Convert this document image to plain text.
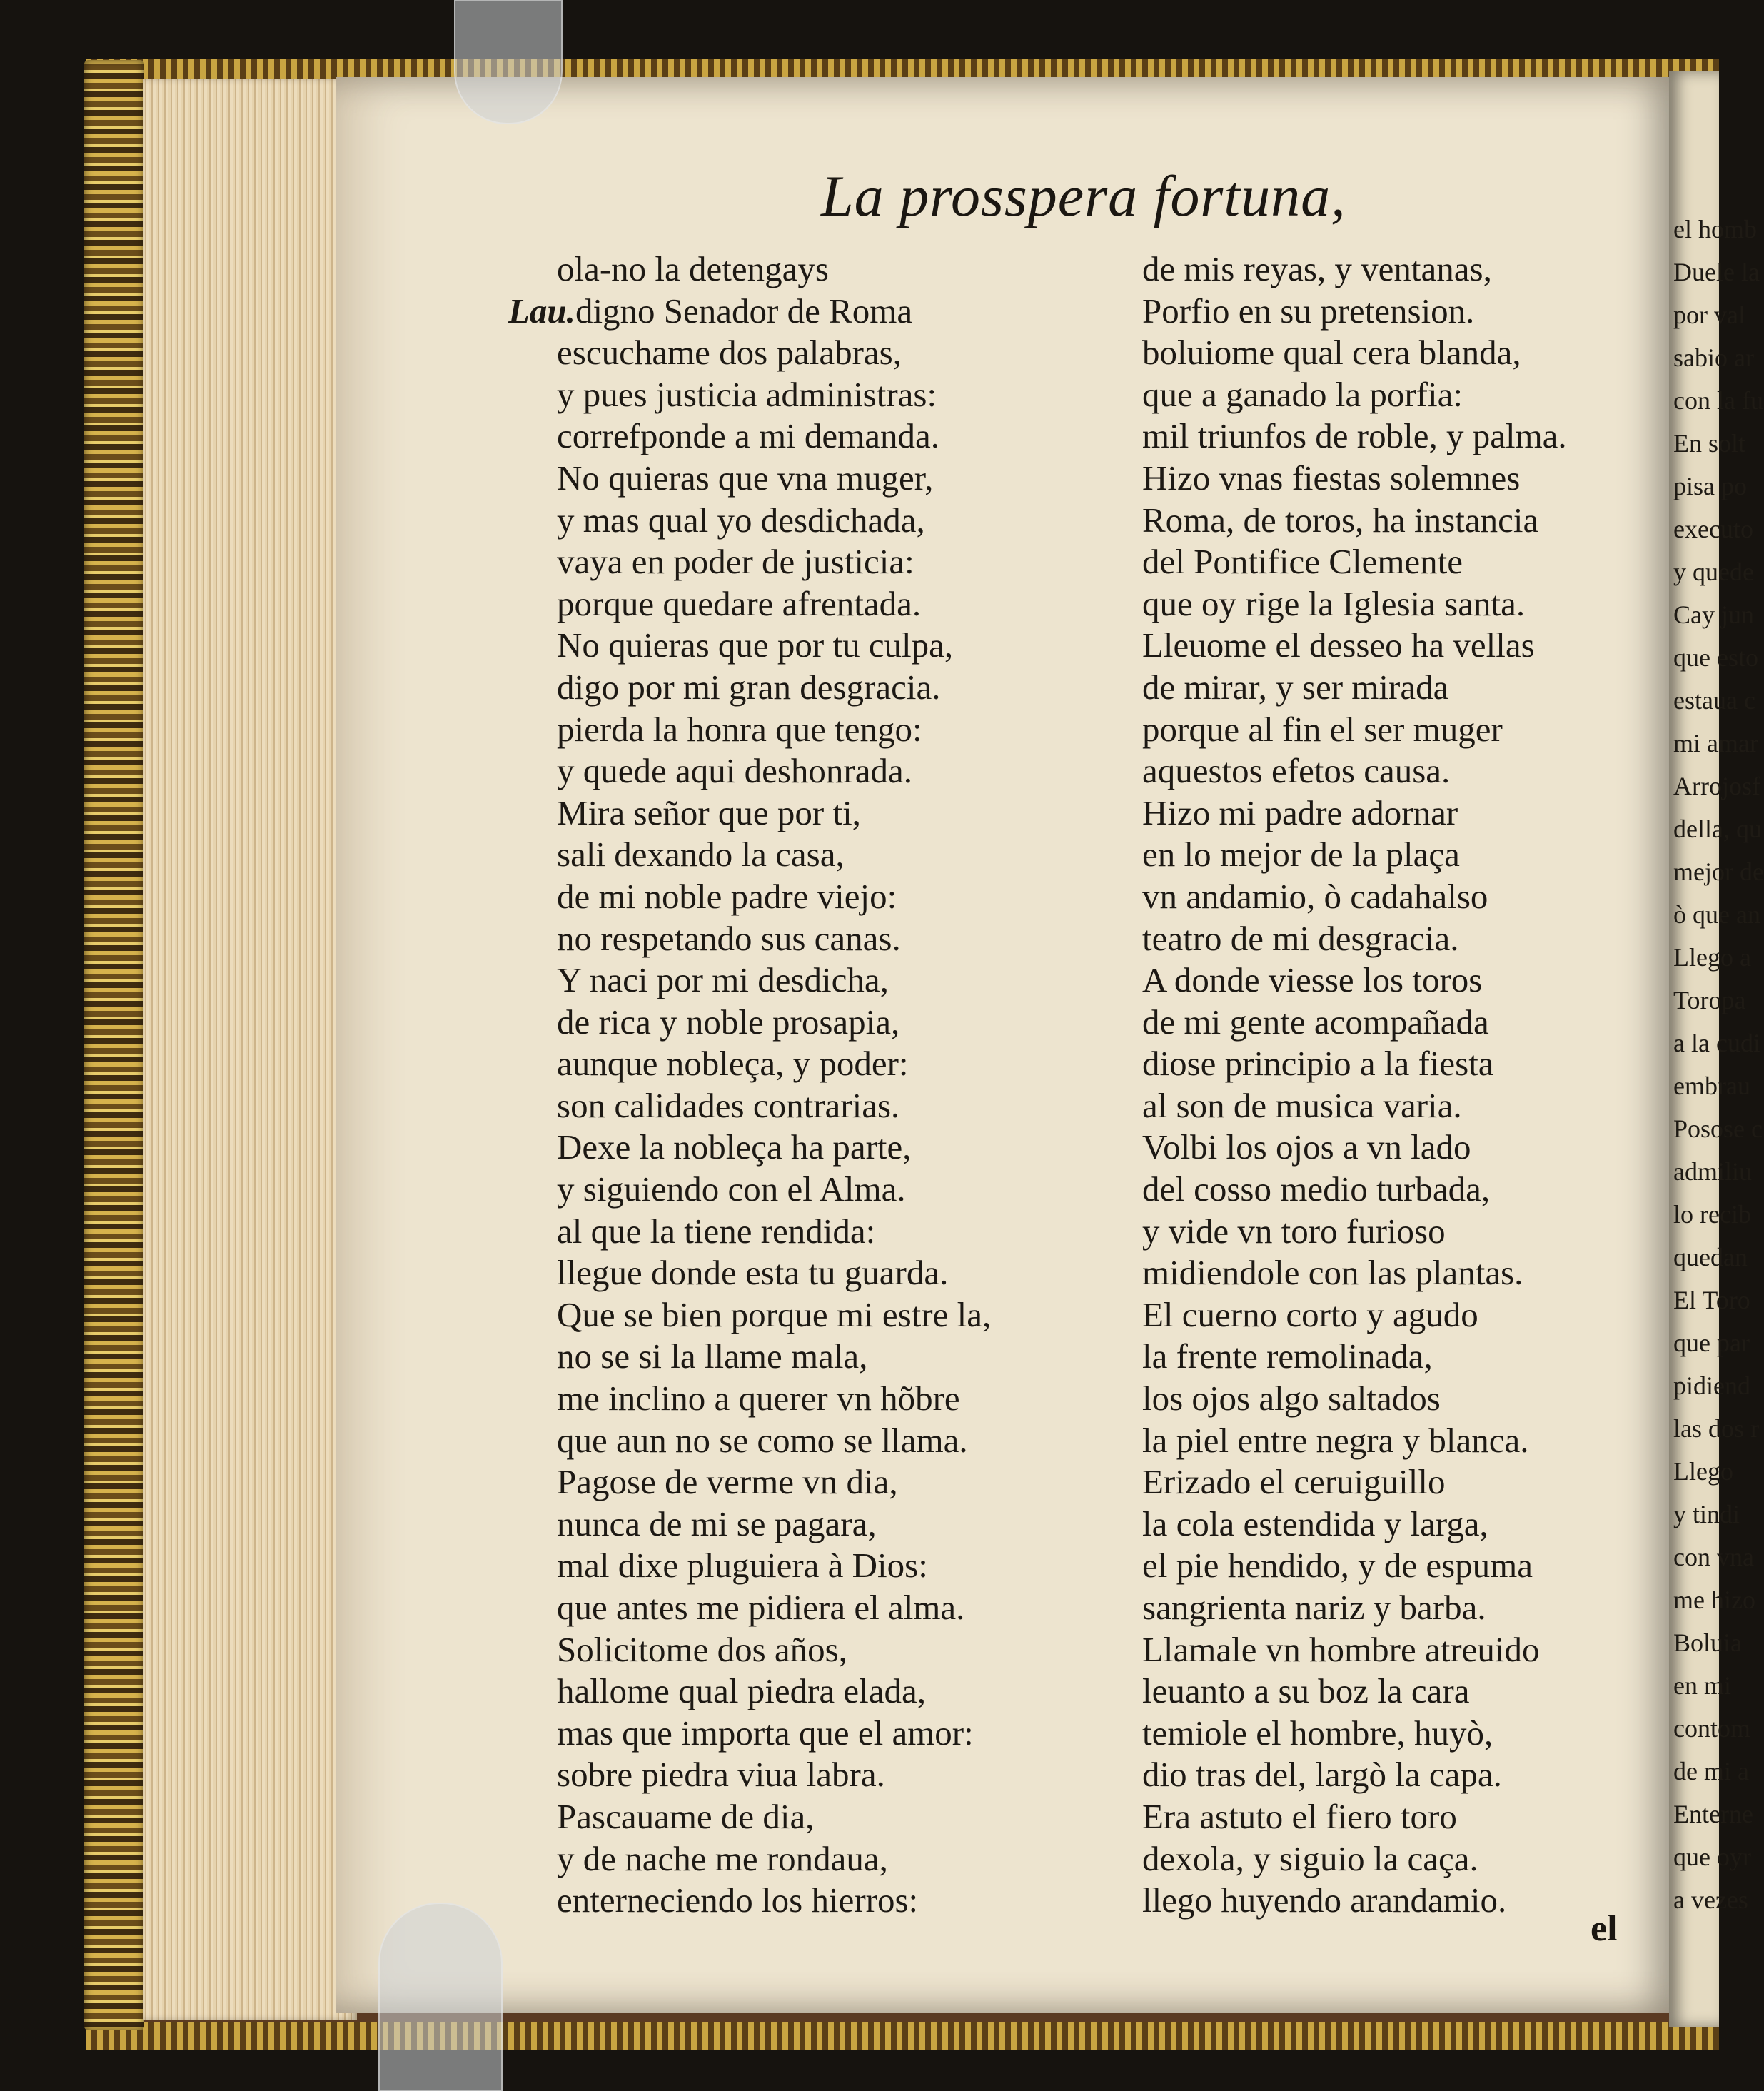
el homb
Duele la
por val
sabio ar
con la fu
En solt
pisa po
executo
y quede
Cay jun
que esto
estaua c
mi amar
Arrojosf
della, qu
mejor de
ò que an
Llego a
Toropa
a la cudi
embrau
Posose c
admiliu
lo recib
quedan
El Toro
que par
pidiend
las dos r
Llego
y tindi
con vna
me hizo
Boluia
en mi
contom
de mi a
Enterne
que oyr
a vezes
La prosspera fortuna,
ola-no la detengays
Lau.digno Senador de Roma
escuchame dos palabras,
y pues justicia administras:
correfponde a mi demanda.
No quieras que vna muger,
y mas qual yo desdichada,
vaya en poder de justicia:
porque quedare afrentada.
No quieras que por tu culpa,
digo por mi gran desgracia.
pierda la honra que tengo:
y quede aqui deshonrada.
Mira señor que por ti,
sali dexando la casa,
de mi noble padre viejo:
no respetando sus canas.
Y naci por mi desdicha,
de rica y noble prosapia,
aunque nobleça, y poder:
son calidades contrarias.
Dexe la nobleça ha parte,
y siguiendo con el Alma.
al que la tiene rendida:
llegue donde esta tu guarda.
Que se bien porque mi estre la,
no se si la llame mala,
me inclino a querer vn hõbre
que aun no se como se llama.
Pagose de verme vn dia,
nunca de mi se pagara,
mal dixe pluguiera à Dios:
que antes me pidiera el alma.
Solicitome dos años,
hallome qual piedra elada,
mas que importa que el amor:
sobre piedra viua labra.
Pascauame de dia,
y de nache me rondaua,
enterneciendo los hierros:
de mis reyas, y ventanas,
Porfio en su pretension.
boluiome qual cera blanda,
que a ganado la porfia:
mil triunfos de roble, y palma.
Hizo vnas fiestas solemnes
Roma, de toros, ha instancia
del Pontifice Clemente
que oy rige la Iglesia santa.
Lleuome el desseo ha vellas
de mirar, y ser mirada
porque al fin el ser muger
aquestos efetos causa.
Hizo mi padre adornar
en lo mejor de la plaça
vn andamio, ò cadahalso
teatro de mi desgracia.
A donde viesse los toros
de mi gente acompañada
diose principio a la fiesta
al son de musica varia.
Volbi los ojos a vn lado
del cosso medio turbada,
y vide vn toro furioso
midiendole con las plantas.
El cuerno corto y agudo
la frente remolinada,
los ojos algo saltados
la piel entre negra y blanca.
Erizado el ceruiguillo
la cola estendida y larga,
el pie hendido, y de espuma
sangrienta nariz y barba.
Llamale vn hombre atreuido
leuanto a su boz la cara
temiole el hombre, huyò,
dio tras del, largò la capa.
Era astuto el fiero toro
dexola, y siguio la caça.
llego huyendo arandamio.
el
